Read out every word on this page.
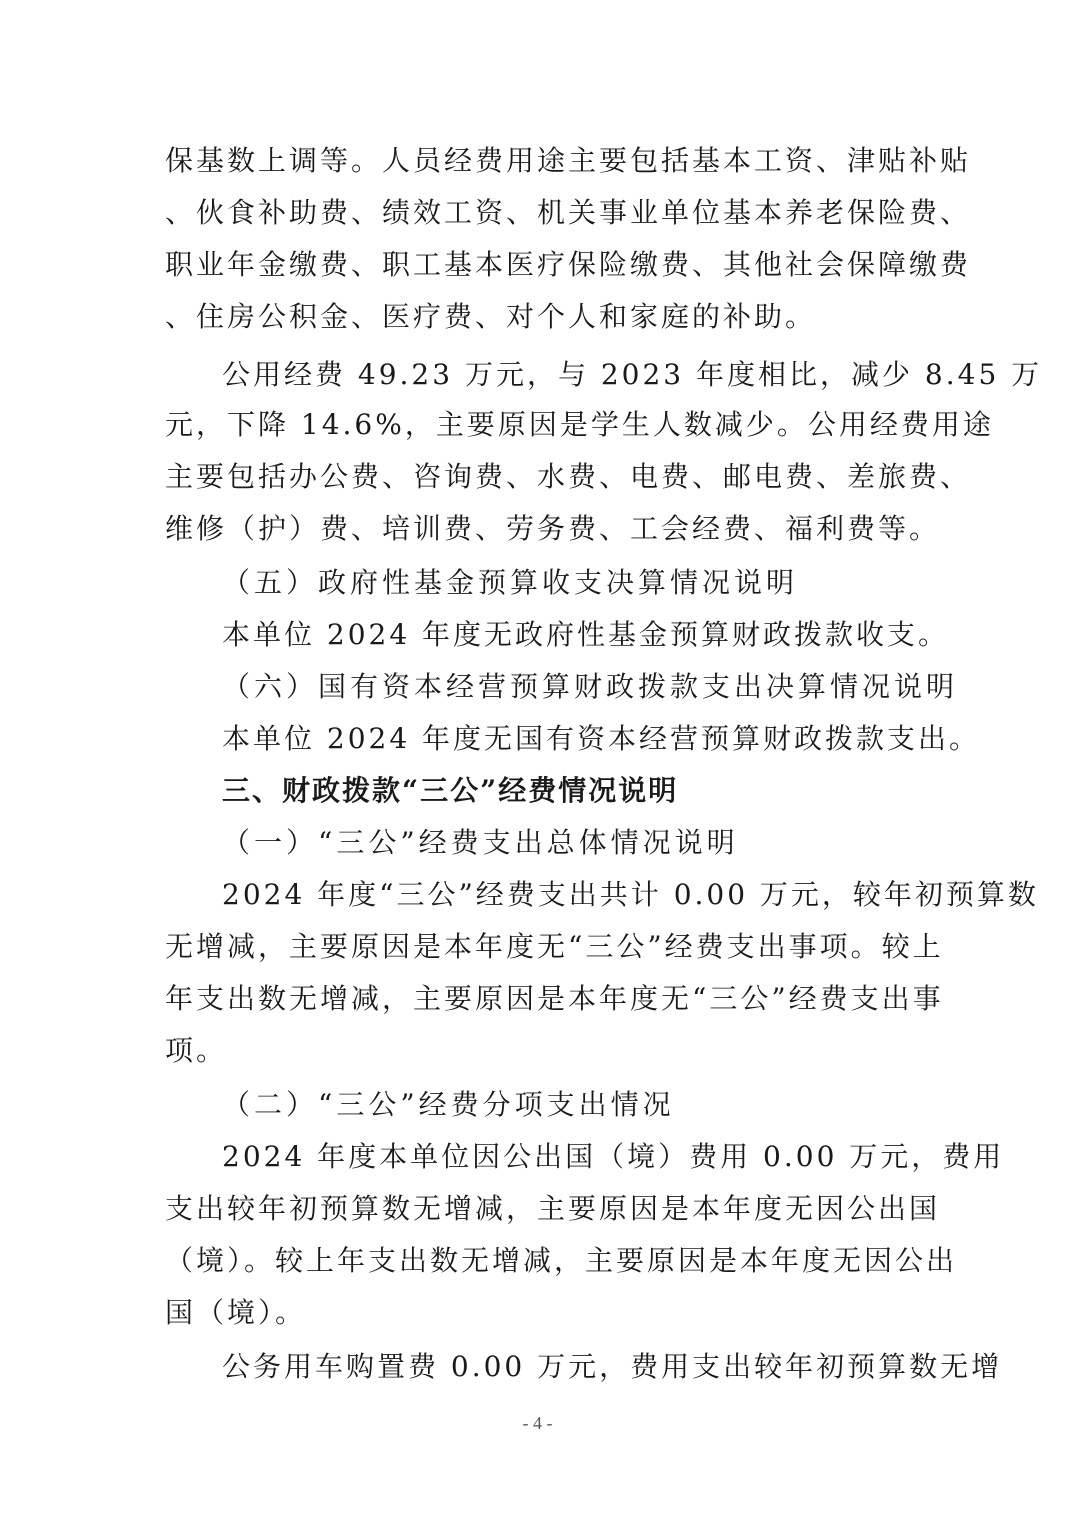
保基数上调等。人员经费用途主要包括基本工资、津贴补贴
、伙食补助费、绩效工资、机关事业单位基本养老保险费、
职业年金缴费、职工基本医疗保险缴费、其他社会保障缴费
、住房公积金、医疗费、对个人和家庭的补助。
公用经费 49.23 万元，与 2023 年度相比，减少 8.45 万
元，下降 14.6%，主要原因是学生人数减少。公用经费用途
主要包括办公费、咨询费、水费、电费、邮电费、差旅费、
维修（护）费、培训费、劳务费、工会经费、福利费等。
（五）政府性基金预算收支决算情况说明
本单位 2024 年度无政府性基金预算财政拨款收支。
（六）国有资本经营预算财政拨款支出决算情况说明
本单位 2024 年度无国有资本经营预算财政拨款支出。
三、财政拨款“三公”经费情况说明
（一）“三公”经费支出总体情况说明
2024 年度“三公”经费支出共计 0.00 万元，较年初预算数
无增减，主要原因是本年度无“三公”经费支出事项。较上
年支出数无增减，主要原因是本年度无“三公”经费支出事
项。
（二）“三公”经费分项支出情况
2024 年度本单位因公出国（境）费用 0.00 万元，费用
支出较年初预算数无增减，主要原因是本年度无因公出国
（境）。较上年支出数无增减，主要原因是本年度无因公出
国（境）。
公务用车购置费 0.00 万元，费用支出较年初预算数无增
- 4 -
